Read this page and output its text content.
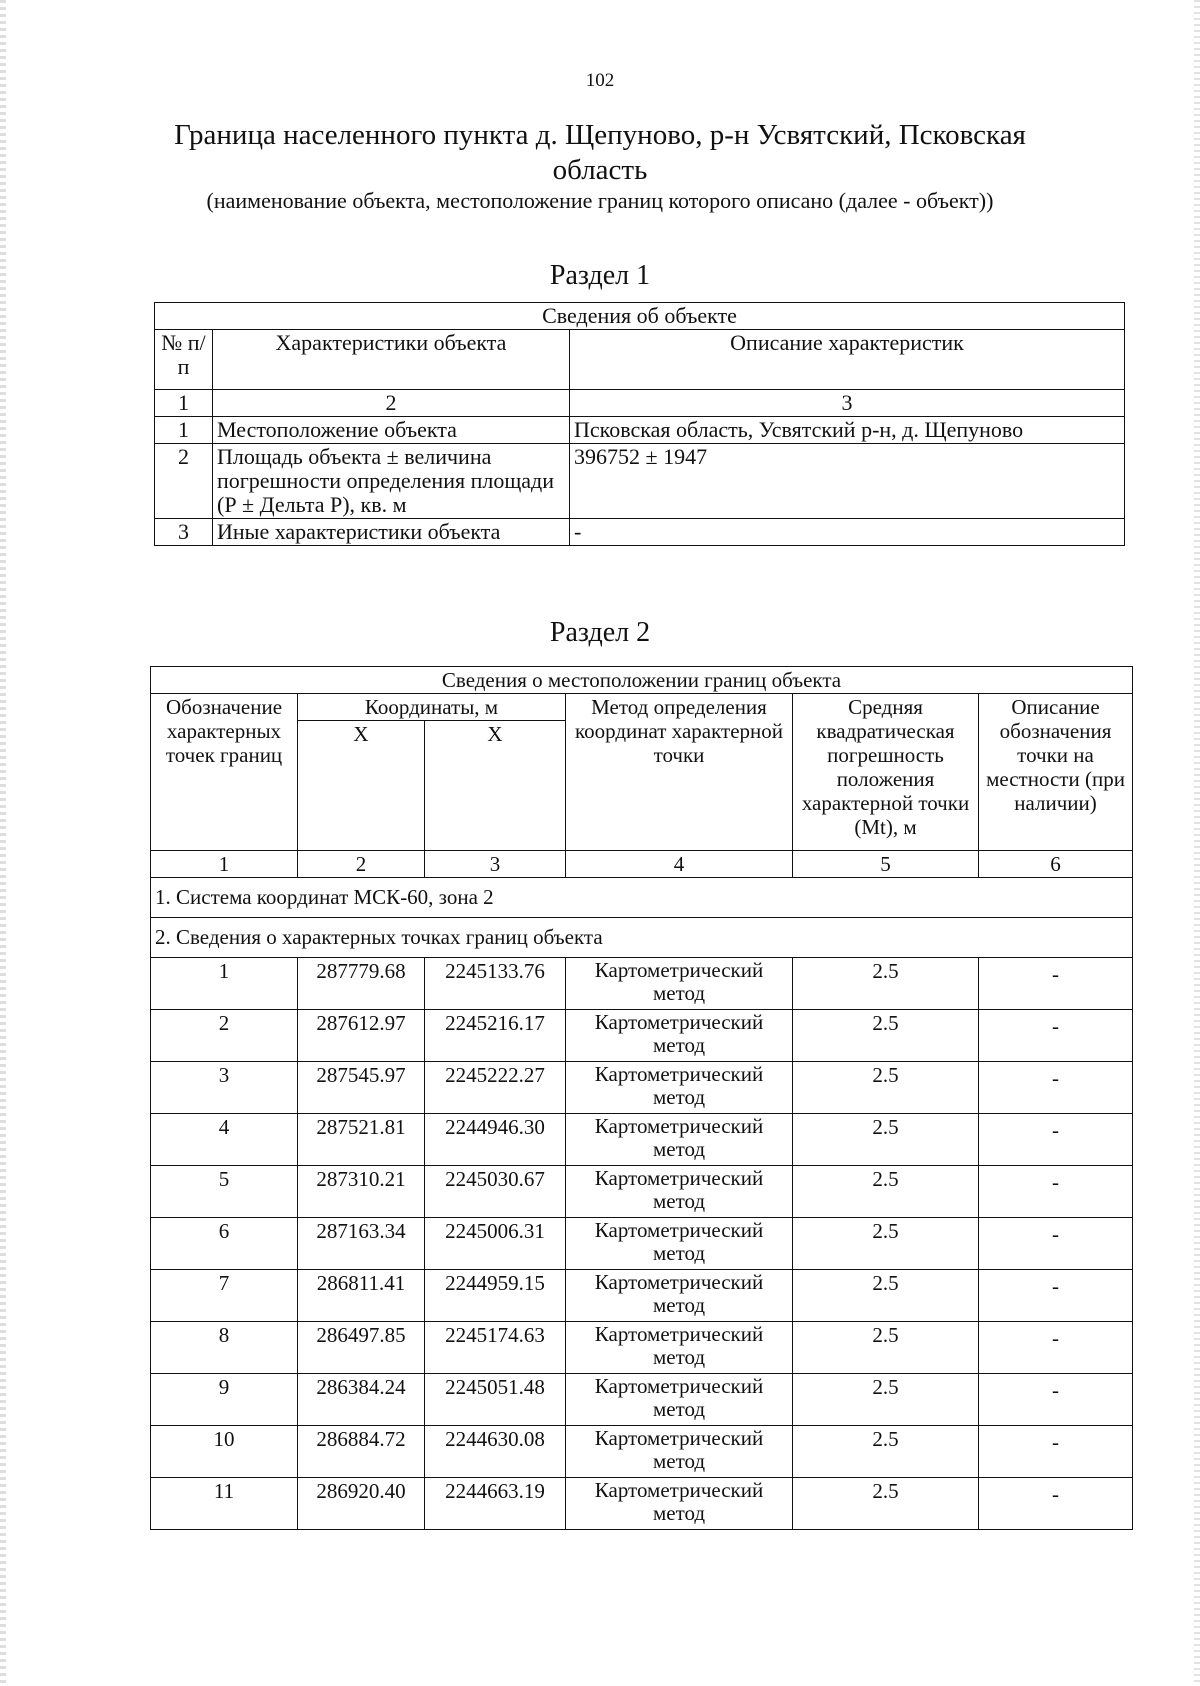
102
Граница населенного пункта д. Щепуново, р-н Усвятский, Псковская область
(наименование объекта, местоположение границ которого описано (далее - объект))
Раздел 1
Сведения об объекте		
№ п/п	Характеристики объекта	Описание характеристик
1	2	3
1	Местоположение объекта	Псковская область, Усвятский р-н, д. Щепуново
2	Площадь объекта ± величина погрешности определения площади (Р ± Дельта Р), кв. м	396752 ± 1947
3	Иные характеристики объекта	-
Раздел 2
Сведения о местоположении границ объекта					
Обозначение характерных точек границ	Координаты, м		Метод определения координат характерной точки	Средняя квадратическая погрешность положения характерной точки (Mt), м	Описание обозначения точки на местности (при наличии)
	X	X			
1	2	3	4	5	6
1. Система координат МСК-60, зона 2					
2. Сведения о характерных точках границ объекта					
1	287779.68	2245133.76	Картометрический метод	2.5	-
2	287612.97	2245216.17	Картометрический метод	2.5	-
3	287545.97	2245222.27	Картометрический метод	2.5	-
4	287521.81	2244946.30	Картометрический метод	2.5	-
5	287310.21	2245030.67	Картометрический метод	2.5	-
6	287163.34	2245006.31	Картометрический метод	2.5	-
7	286811.41	2244959.15	Картометрический метод	2.5	-
8	286497.85	2245174.63	Картометрический метод	2.5	-
9	286384.24	2245051.48	Картометрический метод	2.5	-
10	286884.72	2244630.08	Картометрический метод	2.5	-
11	286920.40	2244663.19	Картометрический метод	2.5	-
